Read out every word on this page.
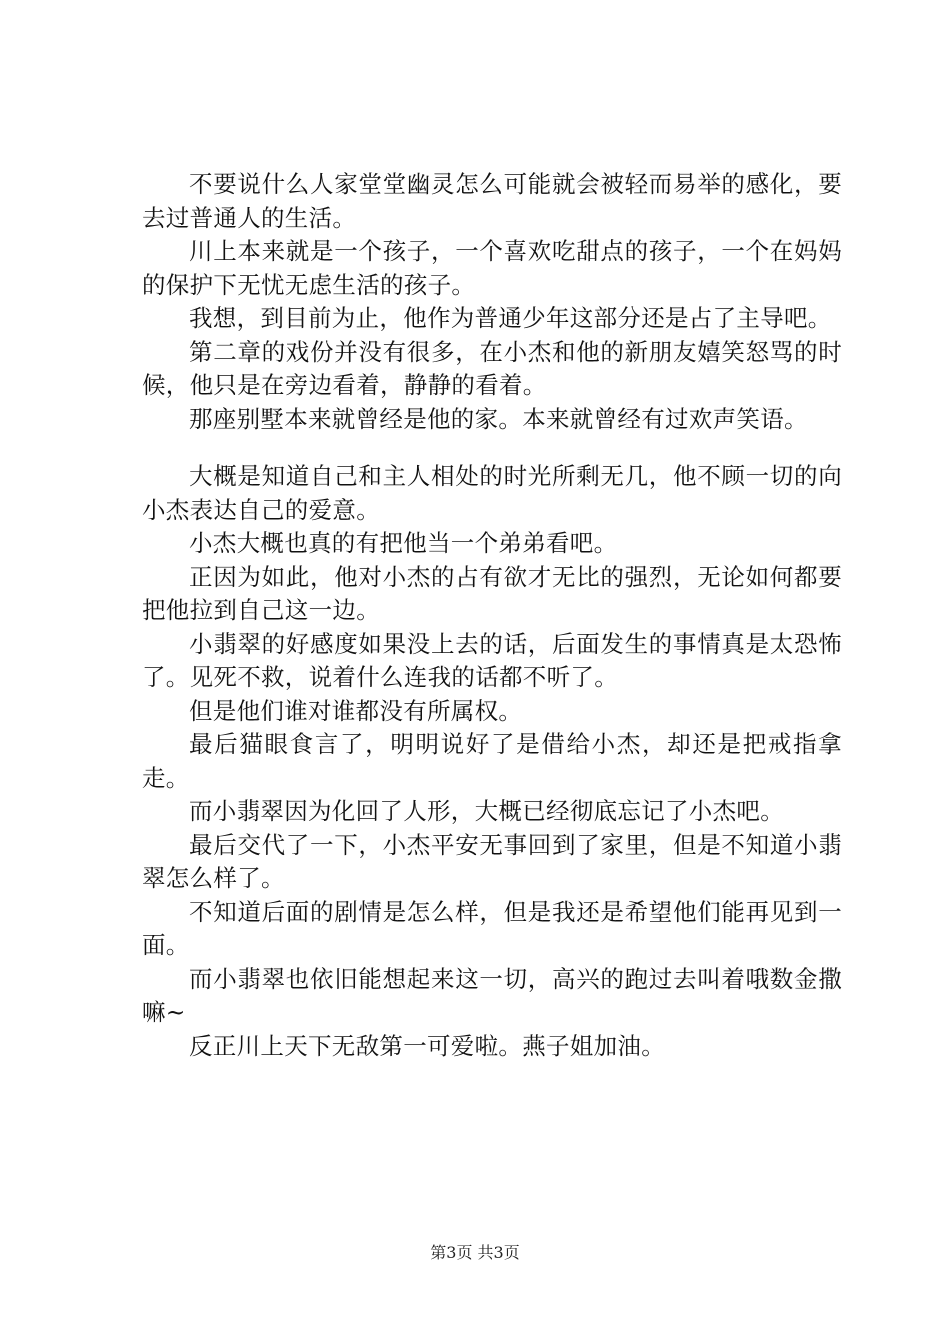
不要说什么人家堂堂幽灵怎么可能就会被轻而易举的感化，要去过普通人的生活。

川上本来就是一个孩子，一个喜欢吃甜点的孩子，一个在妈妈的保护下无忧无虑生活的孩子。

我想，到目前为止，他作为普通少年这部分还是占了主导吧。

第二章的戏份并没有很多，在小杰和他的新朋友嬉笑怒骂的时候，他只是在旁边看着，静静的看着。

那座别墅本来就曾经是他的家。本来就曾经有过欢声笑语。

大概是知道自己和主人相处的时光所剩无几，他不顾一切的向小杰表达自己的爱意。

小杰大概也真的有把他当一个弟弟看吧。

正因为如此，他对小杰的占有欲才无比的强烈，无论如何都要把他拉到自己这一边。

小翡翠的好感度如果没上去的话，后面发生的事情真是太恐怖了。见死不救，说着什么连我的话都不听了。

但是他们谁对谁都没有所属权。

最后猫眼食言了，明明说好了是借给小杰，却还是把戒指拿走。

而小翡翠因为化回了人形，大概已经彻底忘记了小杰吧。

最后交代了一下，小杰平安无事回到了家里，但是不知道小翡翠怎么样了。

不知道后面的剧情是怎么样，但是我还是希望他们能再见到一面。

而小翡翠也依旧能想起来这一切，高兴的跑过去叫着哦数金撒嘛~

反正川上天下无敌第一可爱啦。燕子姐加油。

第3页 共3页
